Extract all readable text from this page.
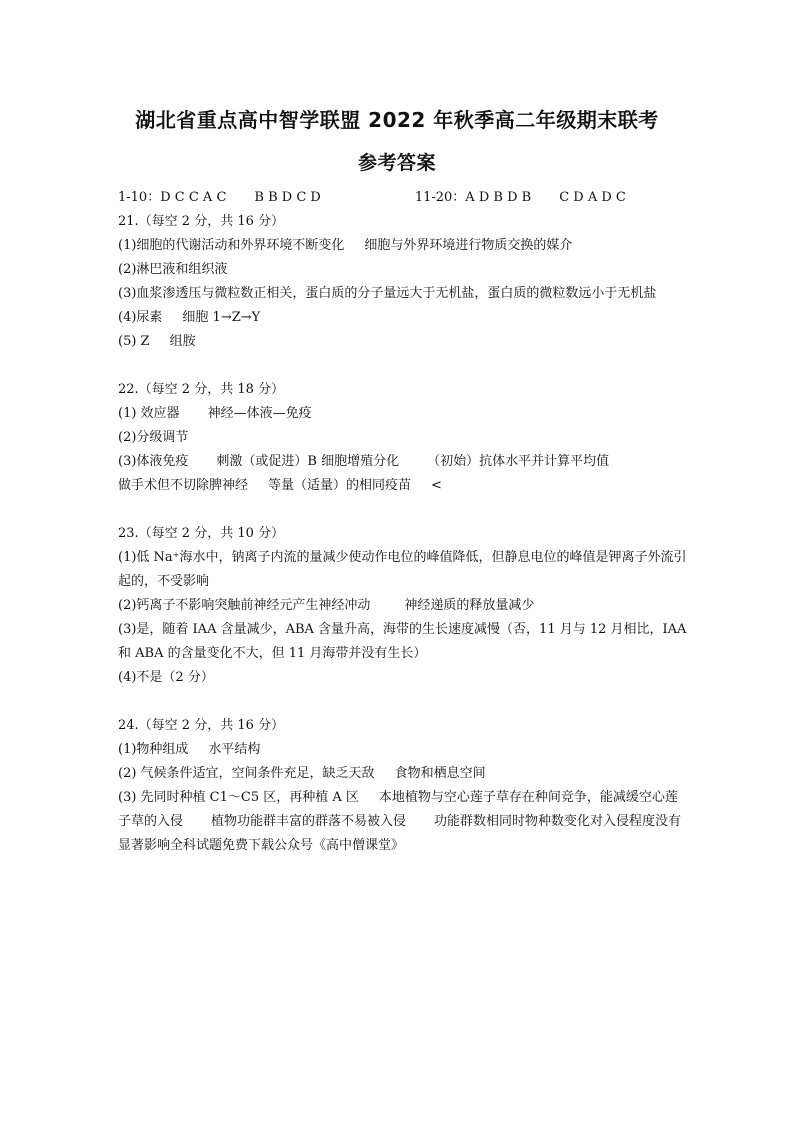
湖北省重点高中智学联盟 2022 年秋季高二年级期末联考
参考答案
1-10：D C C A C B B D C D	11-20：A D B D B C D A D C
21.（每空 2 分，共 16 分）
(1)细胞的代谢活动和外界环境不断变化 细胞与外界环境进行物质交换的媒介
(2)淋巴液和组织液
(3)血浆渗透压与微粒数正相关，蛋白质的分子量远大于无机盐，蛋白质的微粒数远小于无机盐
(4)尿素 细胞 1→Z→Y
(5) Z 组胺
22.（每空 2 分，共 18 分）
(1) 效应器 神经—体液—免疫
(2)分级调节
(3)体液免疫 刺激（或促进）B 细胞增殖分化 （初始）抗体水平并计算平均值
做手术但不切除脾神经 等量（适量）的相同疫苗 <
23.（每空 2 分，共 10 分）
(1)低 Na⁺海水中，钠离子内流的量减少使动作电位的峰值降低，但静息电位的峰值是钾离子外流引起的，不受影响
(2)钙离子不影响突触前神经元产生神经冲动	神经递质的释放量减少
(3)是，随着 IAA 含量减少，ABA 含量升高，海带的生长速度减慢（否，11 月与 12 月相比，IAA 和 ABA 的含量变化不大，但 11 月海带并没有生长）
(4)不是（2 分）
24.（每空 2 分，共 16 分）
(1)物种组成 水平结构
(2) 气候条件适宜，空间条件充足，缺乏天敌 食物和栖息空间
(3) 先同时种植 C1～C5 区，再种植 A 区 本地植物与空心莲子草存在种间竞争，能减缓空心莲子草的入侵 植物功能群丰富的群落不易被入侵 功能群数相同时物种数变化对入侵程度没有显著影响全科试题免费下载公众号《高中僧课堂》
